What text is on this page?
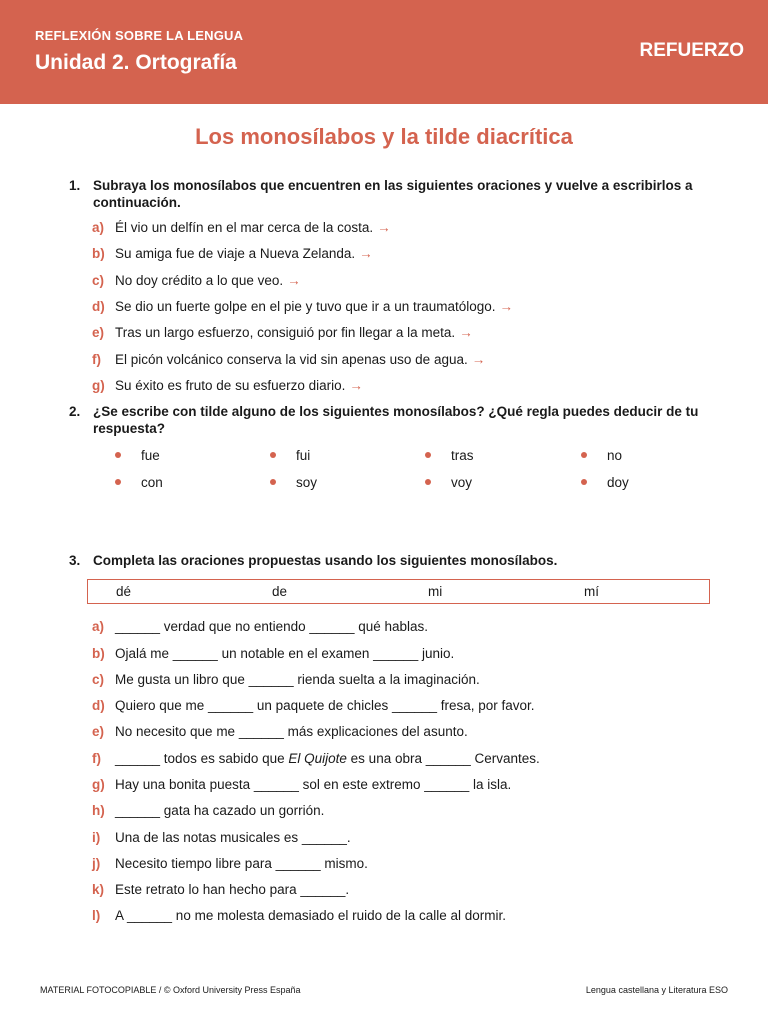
REFLEXIÓN SOBRE LA LENGUA
Unidad 2. Ortografía
REFUERZO
Los monosílabos y la tilde diacrítica
1. Subraya los monosílabos que encuentren en las siguientes oraciones y vuelve a escribirlos a continuación.
a) Él vio un delfín en el mar cerca de la costa. →
b) Su amiga fue de viaje a Nueva Zelanda. →
c) No doy crédito a lo que veo. →
d) Se dio un fuerte golpe en el pie y tuvo que ir a un traumatólogo. →
e) Tras un largo esfuerzo, consiguió por fin llegar a la meta. →
f) El picón volcánico conserva la vid sin apenas uso de agua. →
g) Su éxito es fruto de su esfuerzo diario. →
2. ¿Se escribe con tilde alguno de los siguientes monosílabos? ¿Qué regla puedes deducir de tu respuesta?
fue	fui	tras	no
con	soy	voy	doy
3. Completa las oraciones propuestas usando los siguientes monosílabos.
dé	de	mi	mí
a) ______ verdad que no entiendo ______ qué hablas.
b) Ojalá me ______ un notable en el examen ______ junio.
c) Me gusta un libro que ______ rienda suelta a la imaginación.
d) Quiero que me ______ un paquete de chicles ______ fresa, por favor.
e) No necesito que me ______ más explicaciones del asunto.
f) ______ todos es sabido que El Quijote es una obra ______ Cervantes.
g) Hay una bonita puesta ______ sol en este extremo ______ la isla.
h) ______ gata ha cazado un gorrión.
i) Una de las notas musicales es ______.
j) Necesito tiempo libre para ______ mismo.
k) Este retrato lo han hecho para ______.
l) A ______ no me molesta demasiado el ruido de la calle al dormir.
MATERIAL FOTOCOPIABLE / © Oxford University Press España	Lengua castellana y Literatura ESO
